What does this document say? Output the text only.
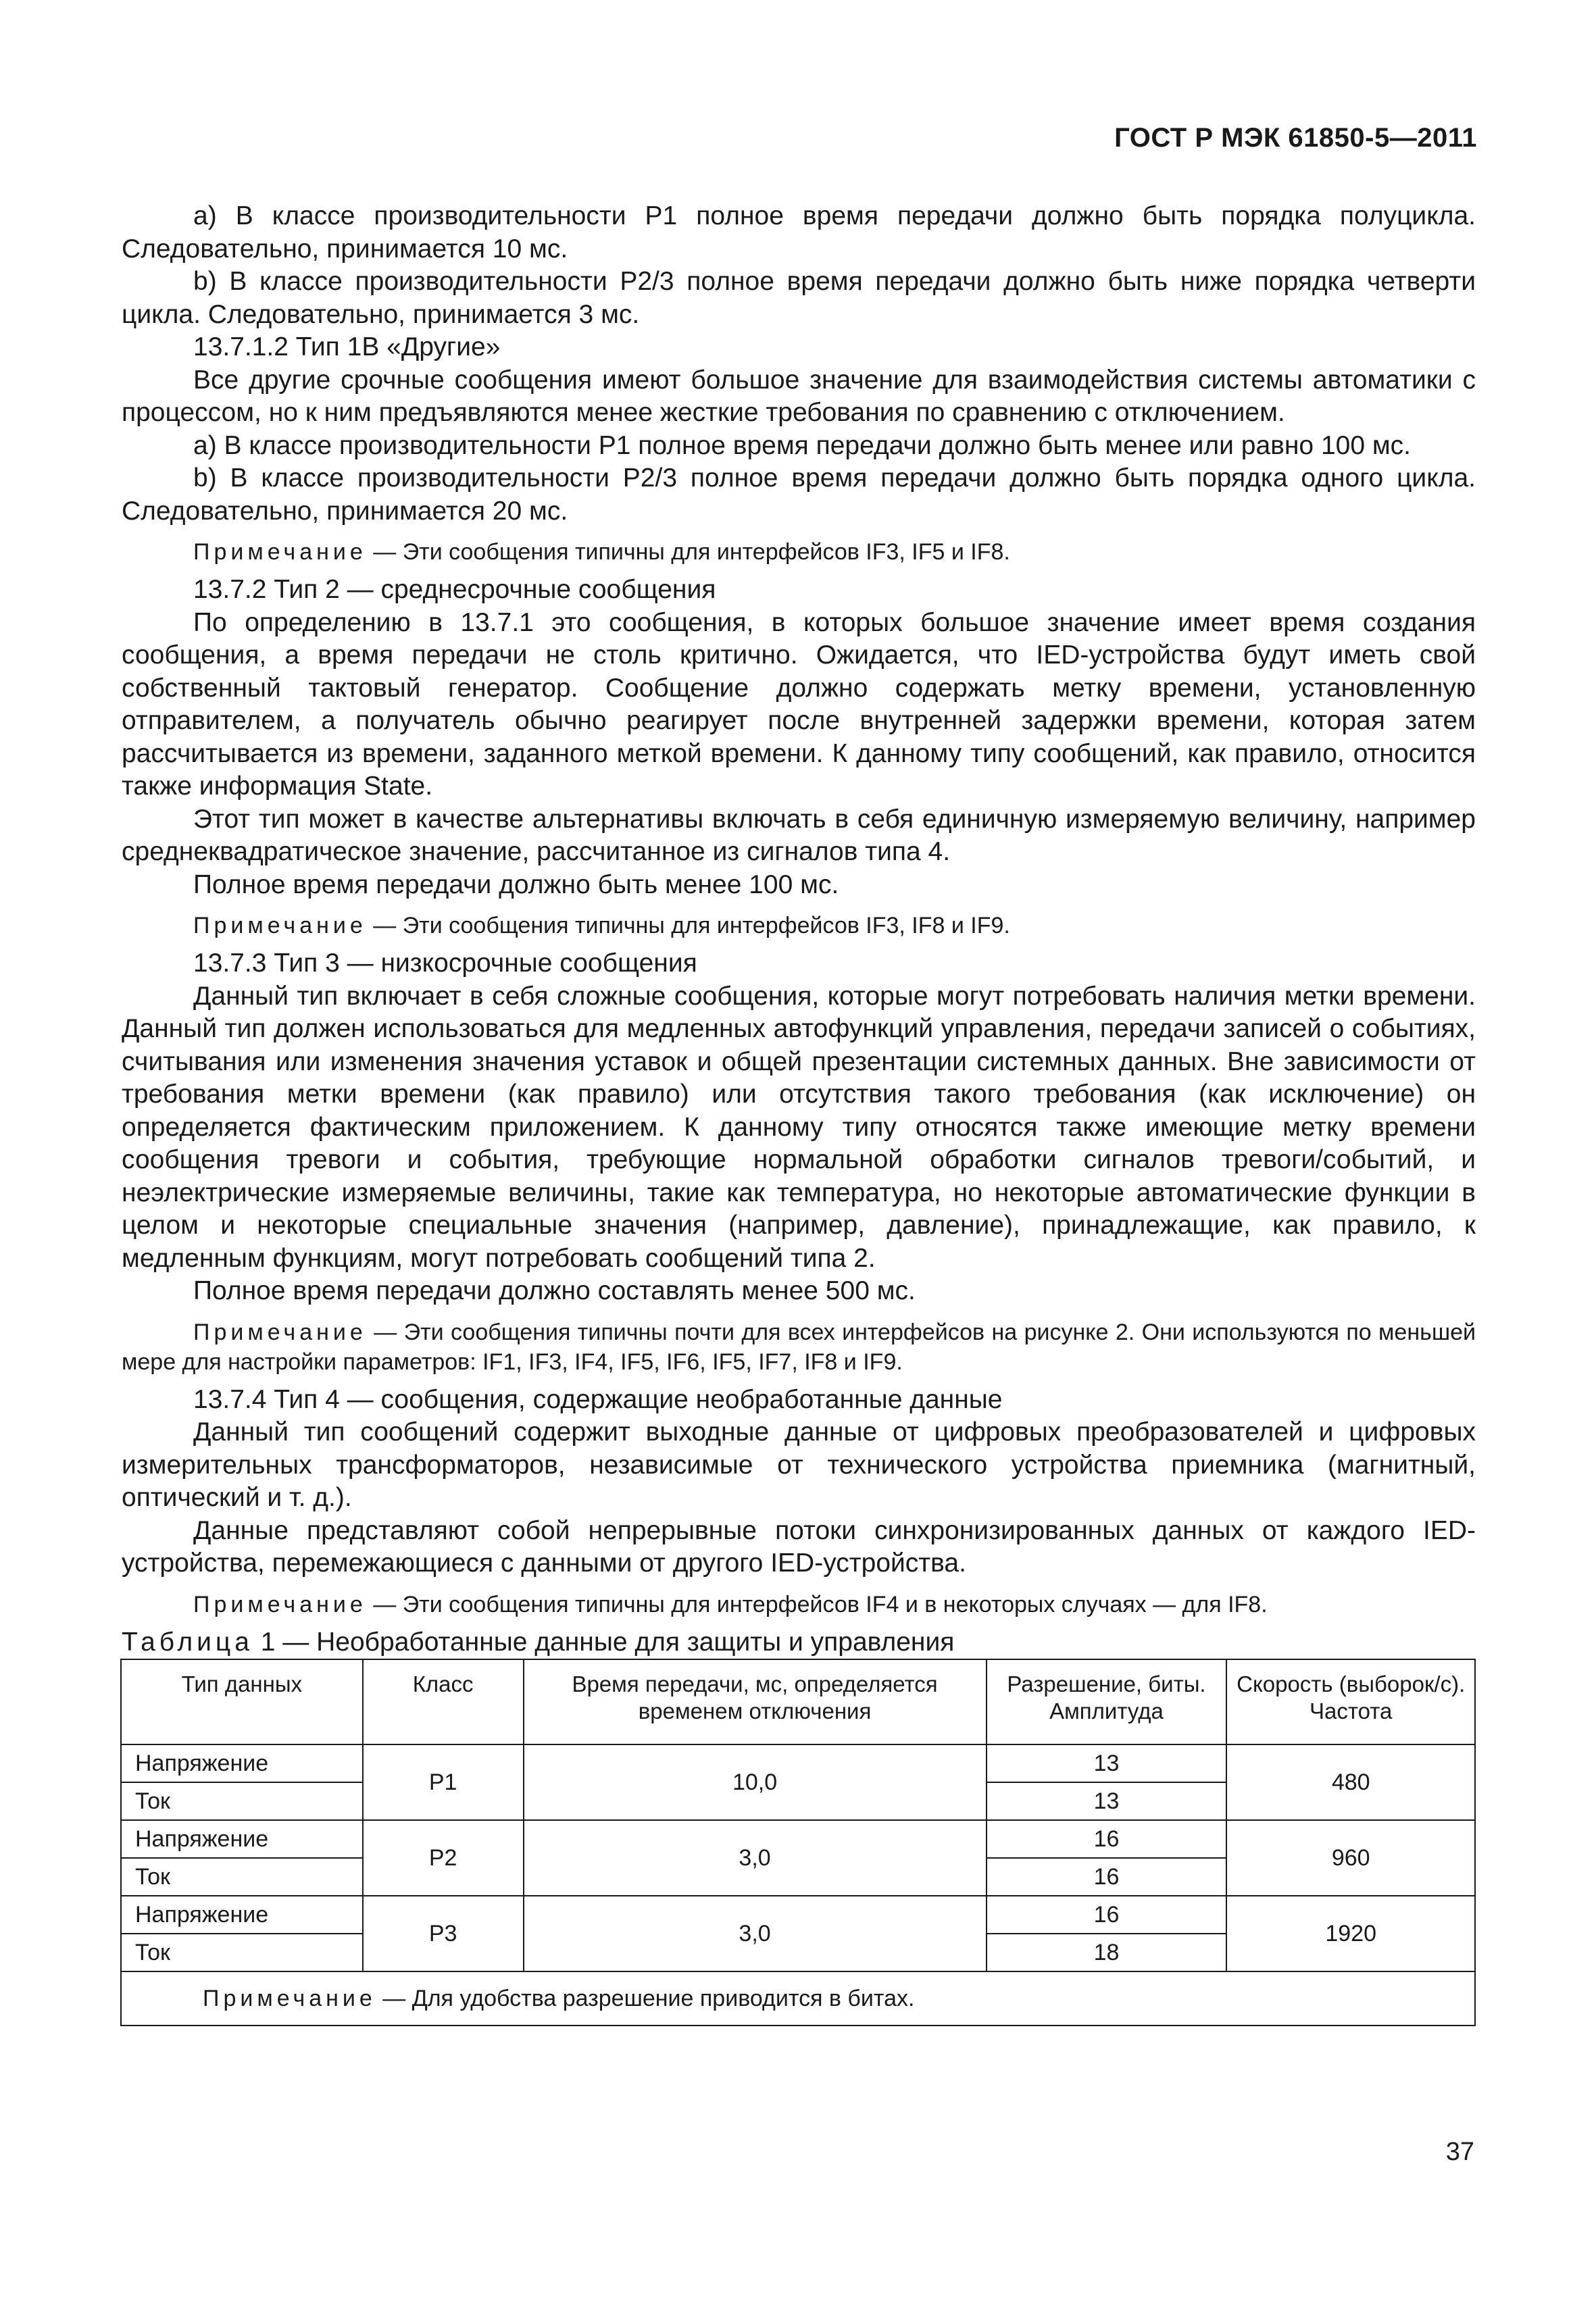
ГОСТ Р МЭК 61850-5—2011

a) В классе производительности Р1 полное время передачи должно быть порядка полуцикла. Следовательно, принимается 10 мс.

b) В классе производительности Р2/3 полное время передачи должно быть ниже порядка четверти цикла. Следовательно, принимается 3 мс.

13.7.1.2 Тип 1В «Другие»

Все другие срочные сообщения имеют большое значение для взаимодействия системы автоматики с процессом, но к ним предъявляются менее жесткие требования по сравнению с отключением.

a) В классе производительности Р1 полное время передачи должно быть менее или равно 100 мс.

b) В классе производительности Р2/3 полное время передачи должно быть порядка одного цикла. Следовательно, принимается 20 мс.

Примечание — Эти сообщения типичны для интерфейсов IF3, IF5 и IF8.

13.7.2 Тип 2 — среднесрочные сообщения

По определению в 13.7.1 это сообщения, в которых большое значение имеет время создания сообщения, а время передачи не столь критично. Ожидается, что IED-устройства будут иметь свой собственный тактовый генератор. Сообщение должно содержать метку времени, установленную отправителем, а получатель обычно реагирует после внутренней задержки времени, которая затем рассчитывается из времени, заданного меткой времени. К данному типу сообщений, как правило, относится также информация State.

Этот тип может в качестве альтернативы включать в себя единичную измеряемую величину, например среднеквадратическое значение, рассчитанное из сигналов типа 4.

Полное время передачи должно быть менее 100 мс.

Примечание — Эти сообщения типичны для интерфейсов IF3, IF8 и IF9.

13.7.3 Тип 3 — низкосрочные сообщения

Данный тип включает в себя сложные сообщения, которые могут потребовать наличия метки времени. Данный тип должен использоваться для медленных автофункций управления, передачи записей о событиях, считывания или изменения значения уставок и общей презентации системных данных. Вне зависимости от требования метки времени (как правило) или отсутствия такого требования (как исключение) он определяется фактическим приложением. К данному типу относятся также имеющие метку времени сообщения тревоги и события, требующие нормальной обработки сигналов тревоги/событий, и неэлектрические измеряемые величины, такие как температура, но некоторые автоматические функции в целом и некоторые специальные значения (например, давление), принадлежащие, как правило, к медленным функциям, могут потребовать сообщений типа 2.

Полное время передачи должно составлять менее 500 мс.

Примечание — Эти сообщения типичны почти для всех интерфейсов на рисунке 2. Они используются по меньшей мере для настройки параметров: IF1, IF3, IF4, IF5, IF6, IF5, IF7, IF8 и IF9.

13.7.4 Тип 4 — сообщения, содержащие необработанные данные

Данный тип сообщений содержит выходные данные от цифровых преобразователей и цифровых измерительных трансформаторов, независимые от технического устройства приемника (магнитный, оптический и т. д.).

Данные представляют собой непрерывные потоки синхронизированных данных от каждого IED-устройства, перемежающиеся с данными от другого IED-устройства.

Примечание — Эти сообщения типичны для интерфейсов IF4 и в некоторых случаях — для IF8.

Таблица 1 — Необработанные данные для защиты и управления

Тип данных	Класс	Время передачи, мс, определяется временем отключения	Разрешение, биты. Амплитуда	Скорость (выборок/с). Частота
Напряжение	P1	10,0	13	480
Ток			13	
Напряжение	P2	3,0	16	960
Ток			16	
Напряжение	P3	3,0	16	1920
Ток			18	
Примечание — Для удобства разрешение приводится в битах.				
37
